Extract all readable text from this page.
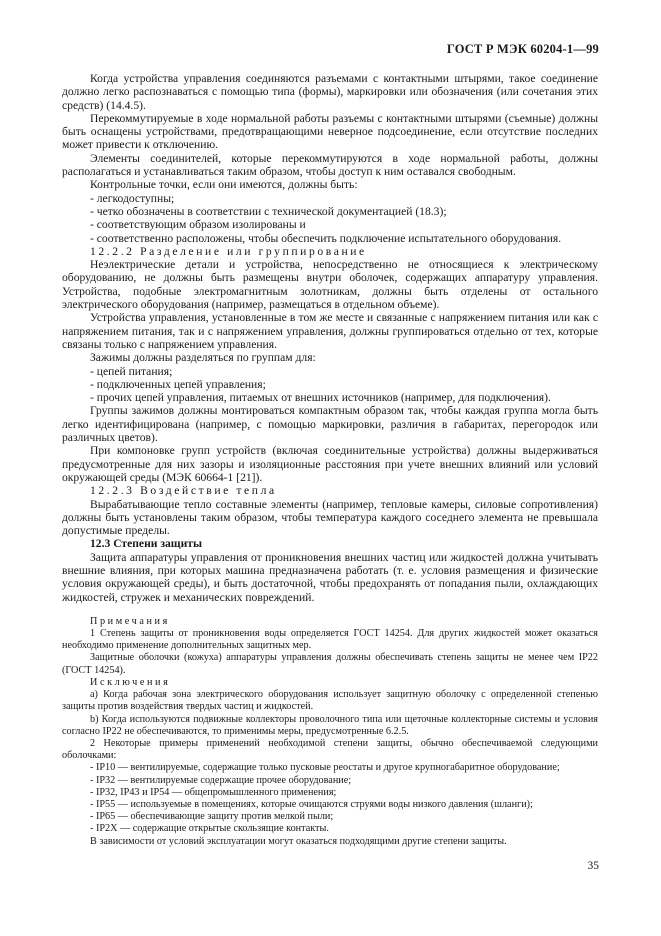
ГОСТ Р МЭК 60204-1—99

Когда устройства управления соединяются разъемами с контактными штырями, такое соединение должно легко распознаваться с помощью типа (формы), маркировки или обозначения (или сочетания этих средств) (14.4.5).

Перекоммутируемые в ходе нормальной работы разъемы с контактными штырями (съемные) должны быть оснащены устройствами, предотвращающими неверное подсоединение, если отсутствие последних может привести к отключению.

Элементы соединителей, которые перекоммутируются в ходе нормальной работы, должны располагаться и устанавливаться таким образом, чтобы доступ к ним оставался свободным.

Контрольные точки, если они имеются, должны быть:

- легкодоступны;

- четко обозначены в соответствии с технической документацией (18.3);

- соответствующим образом изолированы и

- соответственно расположены, чтобы обеспечить подключение испытательного оборудования.

12.2.2 Разделение или группирование

Неэлектрические детали и устройства, непосредственно не относящиеся к электрическому оборудованию, не должны быть размещены внутри оболочек, содержащих аппаратуру управления. Устройства, подобные электромагнитным золотникам, должны быть отделены от остального электрического оборудования (например, размещаться в отдельном объеме).

Устройства управления, установленные в том же месте и связанные с напряжением питания или как с напряжением питания, так и с напряжением управления, должны группироваться отдельно от тех, которые связаны только с напряжением управления.

Зажимы должны разделяться по группам для:

- цепей питания;

- подключенных цепей управления;

- прочих цепей управления, питаемых от внешних источников (например, для подключения).

Группы зажимов должны монтироваться компактным образом так, чтобы каждая группа могла быть легко идентифицирована (например, с помощью маркировки, различия в габаритах, перегородок или различных цветов).

При компоновке групп устройств (включая соединительные устройства) должны выдерживаться предусмотренные для них зазоры и изоляционные расстояния при учете внешних влияний или условий окружающей среды (МЭК 60664-1 [21]).

12.2.3 Воздействие тепла

Вырабатывающие тепло составные элементы (например, тепловые камеры, силовые сопротивления) должны быть установлены таким образом, чтобы температура каждого соседнего элемента не превышала допустимые пределы.

12.3 Степени защиты

Защита аппаратуры управления от проникновения внешних частиц или жидкостей должна учитывать внешние влияния, при которых машина предназначена работать (т. е. условия размещения и физические условия окружающей среды), и быть достаточной, чтобы предохранять от попадания пыли, охлаждающих жидкостей, стружек и механических повреждений.

Примечания

1 Степень защиты от проникновения воды определяется ГОСТ 14254. Для других жидкостей может оказаться необходимо применение дополнительных защитных мер.

Защитные оболочки (кожуха) аппаратуры управления должны обеспечивать степень защиты не менее чем IP22 (ГОСТ 14254).

Исключения

a) Когда рабочая зона электрического оборудования использует защитную оболочку с определенной степенью защиты против воздействия твердых частиц и жидкостей.

b) Когда используются подвижные коллекторы проволочного типа или щеточные коллекторные системы и условия согласно IP22 не обеспечиваются, то применимы меры, предусмотренные 6.2.5.

2 Некоторые примеры применений необходимой степени защиты, обычно обеспечиваемой следующими оболочками:

- IP10 — вентилируемые, содержащие только пусковые реостаты и другое крупногабаритное оборудование;

- IP32 — вентилируемые содержащие прочее оборудование;

- IP32, IP43 и IP54 — общепромышленного применения;

- IP55 — используемые в помещениях, которые очищаются струями воды низкого давления (шланги);

- IP65 — обеспечивающие защиту против мелкой пыли;

- IP2X — содержащие открытые скользящие контакты.

В зависимости от условий эксплуатации могут оказаться подходящими другие степени защиты.

35
